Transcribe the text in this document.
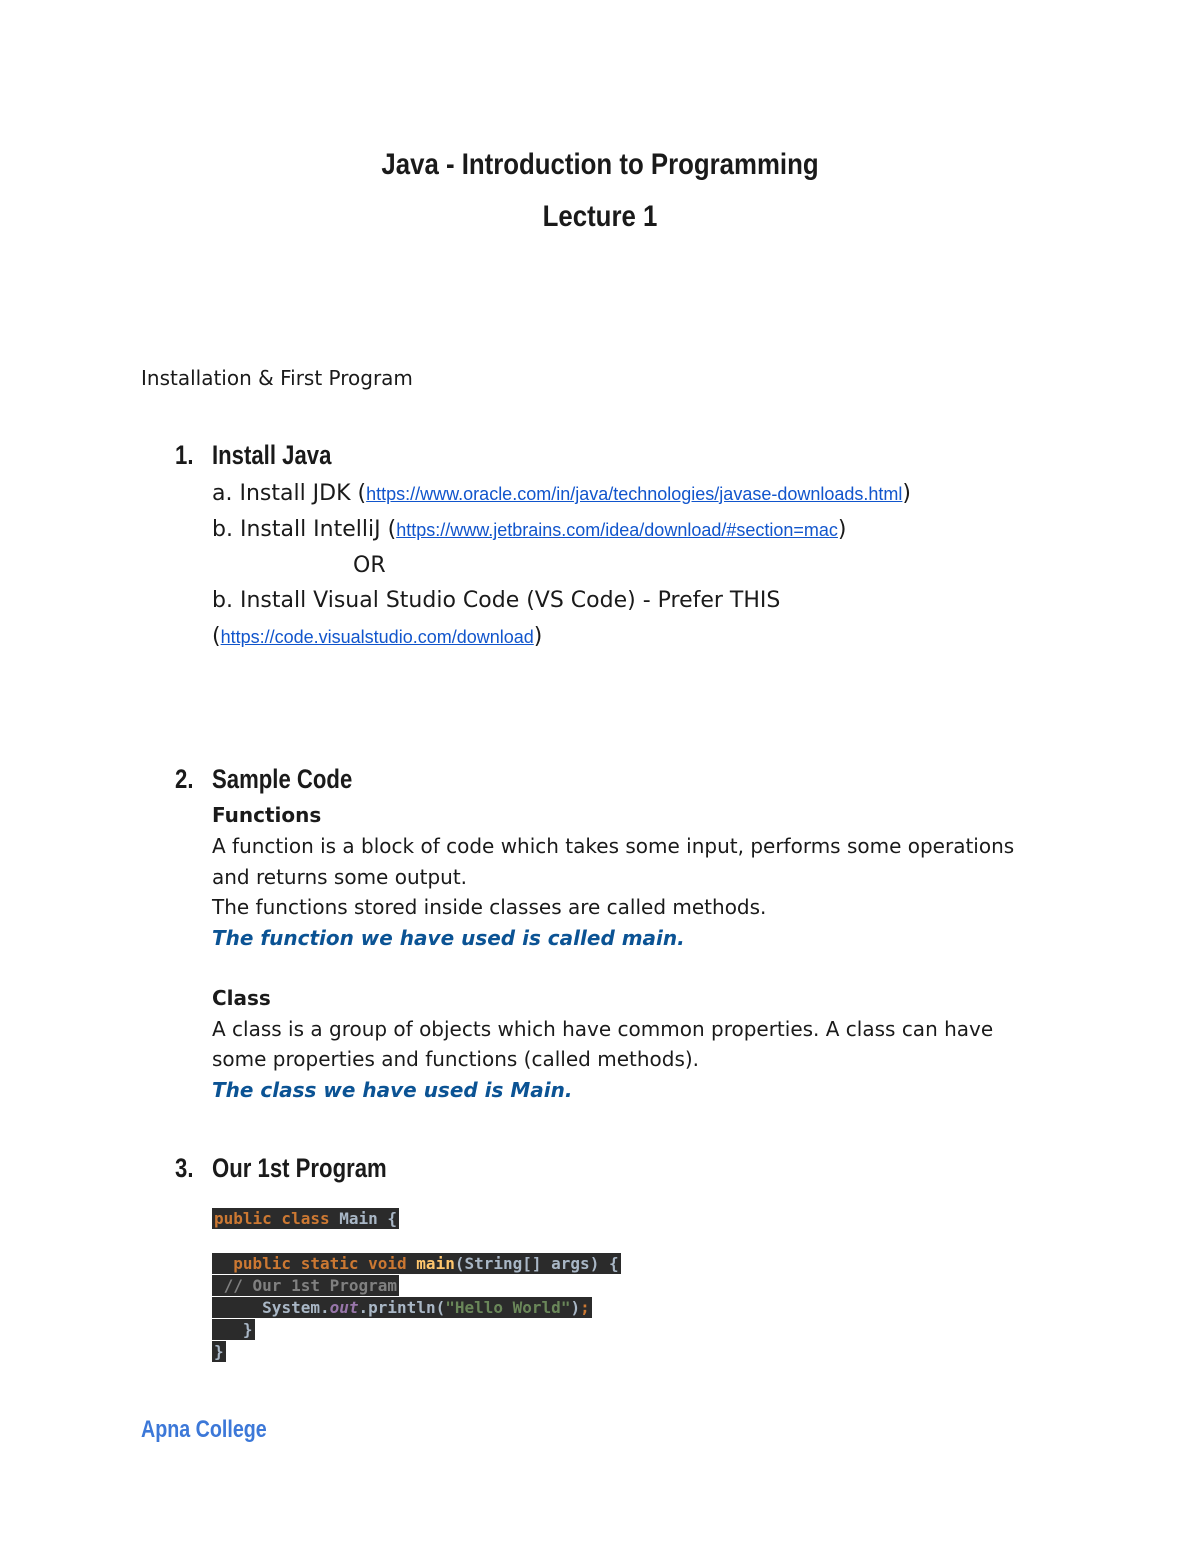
Java - Introduction to Programming
Lecture 1
Installation & First Program
1. Install Java
a. Install JDK (https://www.oracle.com/in/java/technologies/javase-downloads.html)
b. Install IntelliJ (https://www.jetbrains.com/idea/download/#section=mac)
OR
b. Install Visual Studio Code (VS Code) - Prefer THIS
(https://code.visualstudio.com/download)
2. Sample Code
Functions
A function is a block of code which takes some input, performs some operations
and returns some output.
The functions stored inside classes are called methods.
The function we have used is called main.
Class
A class is a group of objects which have common properties. A class can have
some properties and functions (called methods).
The class we have used is Main.
3. Our 1st Program
public class Main {
public static void main(String[] args) {
// Our 1st Program
System.out.println("Hello World");
}
}
Apna College
